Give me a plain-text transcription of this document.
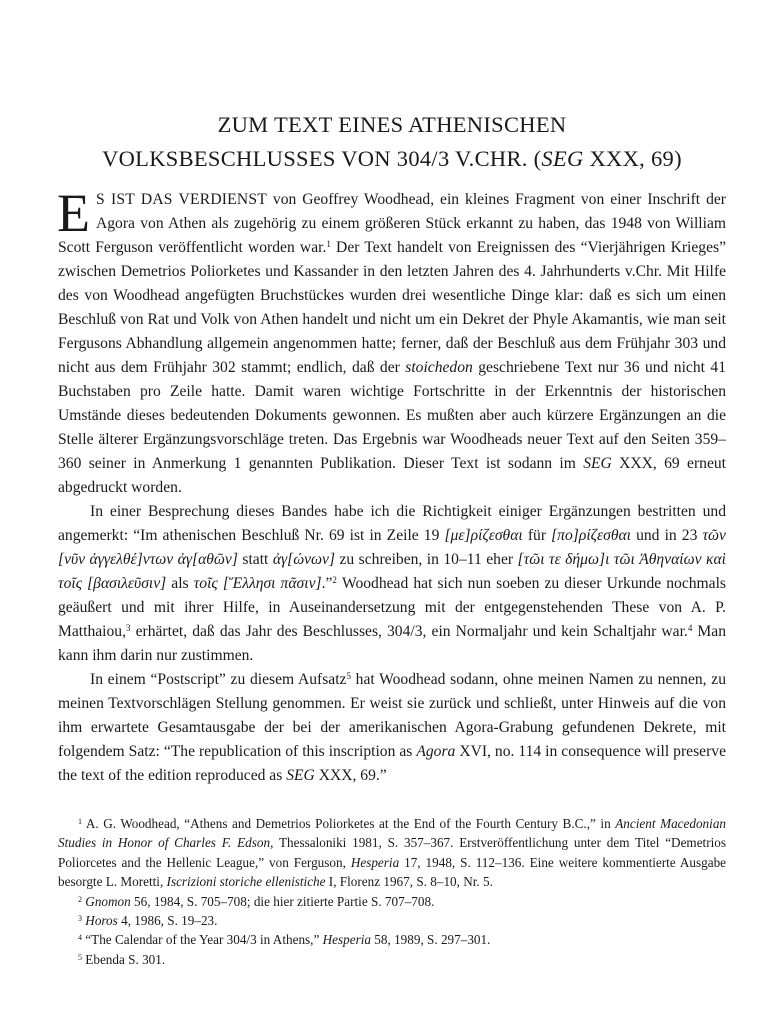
ZUM TEXT EINES ATHENISCHEN
VOLKSBESCHLUSSES VON 304/3 V.CHR. (SEG XXX, 69)

E S IST DAS VERDIENST von Geoffrey Woodhead, ein kleines Fragment von einer Inschrift der Agora von Athen als zugehörig zu einem größeren Stück erkannt zu haben, das 1948 von William Scott Ferguson veröffentlicht worden war.$^1$ Der Text handelt von Ereignissen des “Vierjährigen Krieges” zwischen Demetrios Poliorketes und Kassander in den letzten Jahren des 4. Jahrhunderts v.Chr. Mit Hilfe des von Woodhead angefügten Bruchstückes wurden drei wesentliche Dinge klar: daß es sich um einen Beschluß von Rat und Volk von Athen handelt und nicht um ein Dekret der Phyle Akamantis, wie man seit Fergusons Abhandlung allgemein angenommen hatte; ferner, daß der Beschluß aus dem Frühjahr 303 und nicht aus dem Frühjahr 302 stammt; endlich, daß der stoichedon geschriebene Text nur 36 und nicht 41 Buchstaben pro Zeile hatte. Damit waren wichtige Fortschritte in der Erkenntnis der historischen Umstände dieses bedeutenden Dokuments gewonnen. Es mußten aber auch kürzere Ergänzungen an die Stelle älterer Ergänzungsvorschläge treten. Das Ergebnis war Woodheads neuer Text auf den Seiten 359–360 seiner in Anmerkung 1 genannten Publikation. Dieser Text ist sodann im SEG XXX, 69 erneut abgedruckt worden.

In einer Besprechung dieses Bandes habe ich die Richtigkeit einiger Ergänzungen bestritten und angemerkt: “Im athenischen Beschluß Nr. 69 ist in Zeile 19 [με]ρίζεσθαι für [πο]ρίζεσθαι und in 23 τῶν [νῦν ἀγγελθέ]ντων ἀγ[αθῶν] statt ἀγ[ώνων] zu schreiben, in 10–11 eher [τῶι τε δήμω]ι τῶι Ἀθηναίων καὶ τοῖς [βασιλεῦσιν] als τοῖς [Ἕλλησι πᾶσιν].”$^2$ Woodhead hat sich nun soeben zu dieser Urkunde nochmals geäußert und mit ihrer Hilfe, in Auseinandersetzung mit der entgegenstehenden These von A. P. Matthaiou,$^3$ erhärtet, daß das Jahr des Beschlusses, 304/3, ein Normaljahr und kein Schaltjahr war.$^4$ Man kann ihm darin nur zustimmen.

In einem “Postscript” zu diesem Aufsatz$^5$ hat Woodhead sodann, ohne meinen Namen zu nennen, zu meinen Textvorschlägen Stellung genommen. Er weist sie zurück und schließt, unter Hinweis auf die von ihm erwartete Gesamtausgabe der bei der amerikanischen Agora-Grabung gefundenen Dekrete, mit folgendem Satz: “The republication of this inscription as Agora XVI, no. 114 in consequence will preserve the text of the edition reproduced as SEG XXX, 69.”

$^1$ A. G. Woodhead, “Athens and Demetrios Poliorketes at the End of the Fourth Century B.C.,” in Ancient Macedonian Studies in Honor of Charles F. Edson, Thessaloniki 1981, S. 357–367. Erstveröffentlichung unter dem Titel “Demetrios Poliorcetes and the Hellenic League,” von Ferguson, Hesperia 17, 1948, S. 112–136. Eine weitere kommentierte Ausgabe besorgte L. Moretti, Iscrizioni storiche ellenistiche I, Florenz 1967, S. 8–10, Nr. 5.

$^2$ Gnomon 56, 1984, S. 705–708; die hier zitierte Partie S. 707–708.

$^3$ Horos 4, 1986, S. 19–23.

$^4$ “The Calendar of the Year 304/3 in Athens,” Hesperia 58, 1989, S. 297–301.

$^5$ Ebenda S. 301.
